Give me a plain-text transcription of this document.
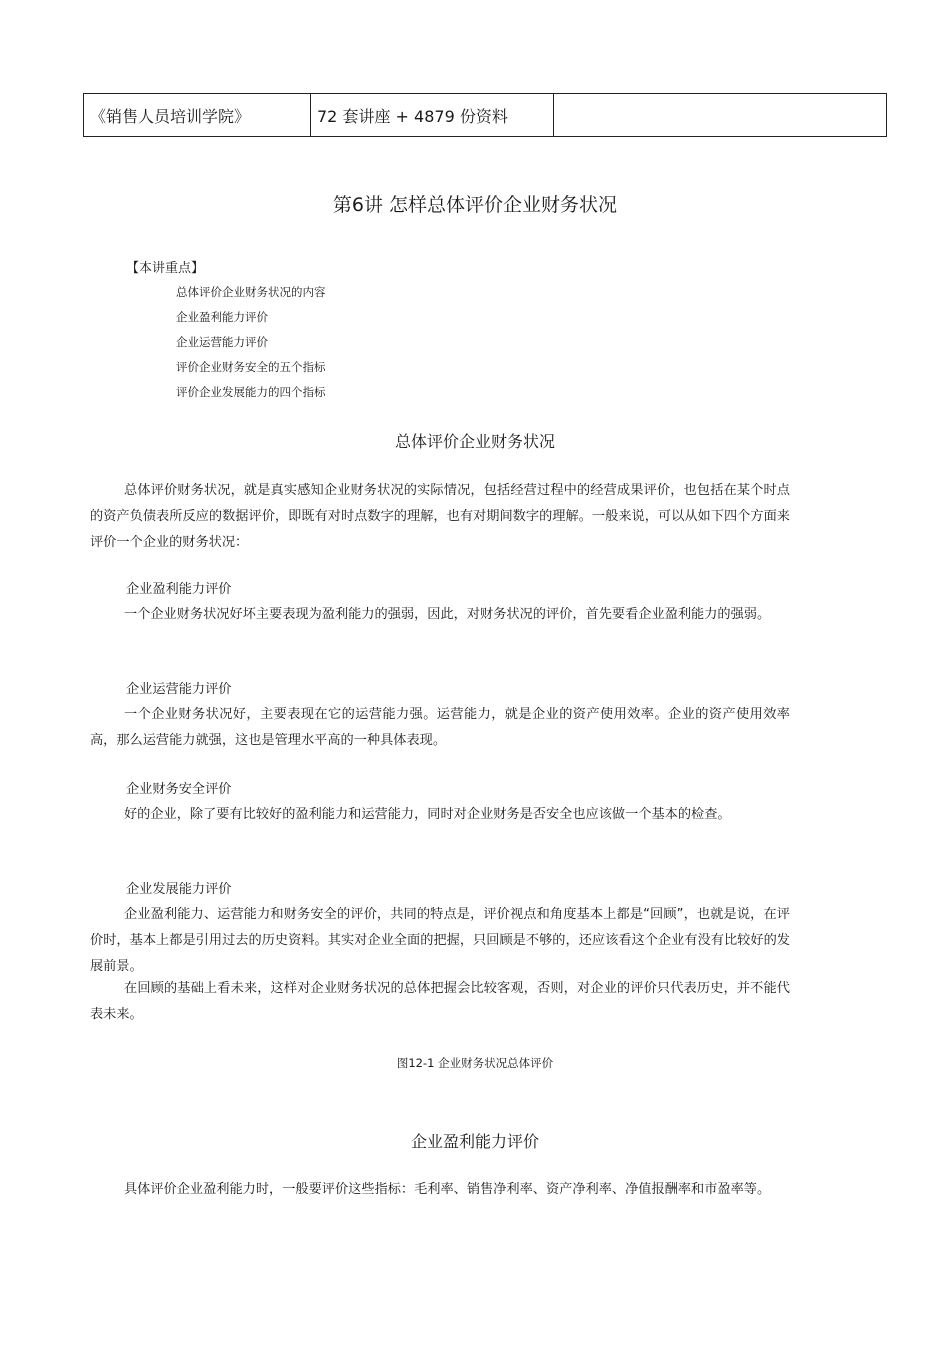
《销售人员培训学院》	72 套讲座 + 4879 份资料	
第6讲 怎样总体评价企业财务状况
【本讲重点】
总体评价企业财务状况的内容
企业盈利能力评价
企业运营能力评价
评价企业财务安全的五个指标
评价企业发展能力的四个指标
总体评价企业财务状况

总体评价财务状况，就是真实感知企业财务状况的实际情况，包括经营过程中的经营成果评价，也包括在某个时点的资产负债表所反应的数据评价，即既有对时点数字的理解，也有对期间数字的理解。一般来说，可以从如下四个方面来评价一个企业的财务状况：

企业盈利能力评价

一个企业财务状况好坏主要表现为盈利能力的强弱，因此，对财务状况的评价，首先要看企业盈利能力的强弱。

企业运营能力评价

一个企业财务状况好，主要表现在它的运营能力强。运营能力，就是企业的资产使用效率。企业的资产使用效率高，那么运营能力就强，这也是管理水平高的一种具体表现。

企业财务安全评价

好的企业，除了要有比较好的盈利能力和运营能力，同时对企业财务是否安全也应该做一个基本的检查。

企业发展能力评价

企业盈利能力、运营能力和财务安全的评价，共同的特点是，评价视点和角度基本上都是“回顾”，也就是说，在评价时，基本上都是引用过去的历史资料。其实对企业全面的把握，只回顾是不够的，还应该看这个企业有没有比较好的发展前景。

在回顾的基础上看未来，这样对企业财务状况的总体把握会比较客观，否则，对企业的评价只代表历史，并不能代表未来。

图12-1 企业财务状况总体评价
企业盈利能力评价

具体评价企业盈利能力时，一般要评价这些指标：毛利率、销售净利率、资产净利率、净值报酬率和市盈率等。
